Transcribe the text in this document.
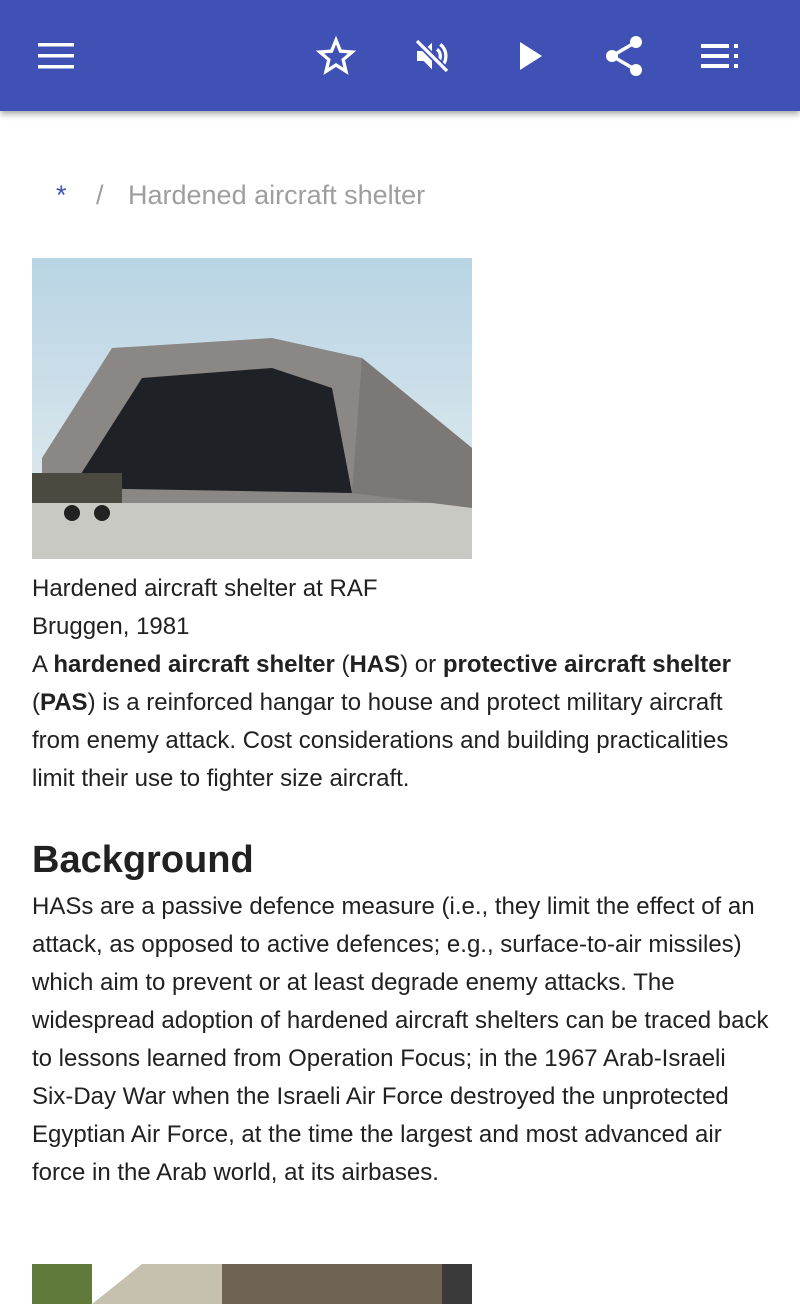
*	/ Hardened aircraft shelter
Hardened aircraft shelter at RAF
Bruggen, 1981

A hardened aircraft shelter (HAS) or protective aircraft shelter (PAS) is a reinforced hangar to house and protect military aircraft from enemy attack. Cost considerations and building practicalities limit their use to fighter size aircraft.

Background

HASs are a passive defence measure (i.e., they limit the effect of an attack, as opposed to active defences; e.g., surface-to-air missiles) which aim to prevent or at least degrade enemy attacks. The widespread adoption of hardened aircraft shelters can be traced back to lessons learned from Operation Focus; in the 1967 Arab-Israeli Six-Day War when the Israeli Air Force destroyed the unprotected Egyptian Air Force, at the time the largest and most advanced air force in the Arab world, at its airbases.
